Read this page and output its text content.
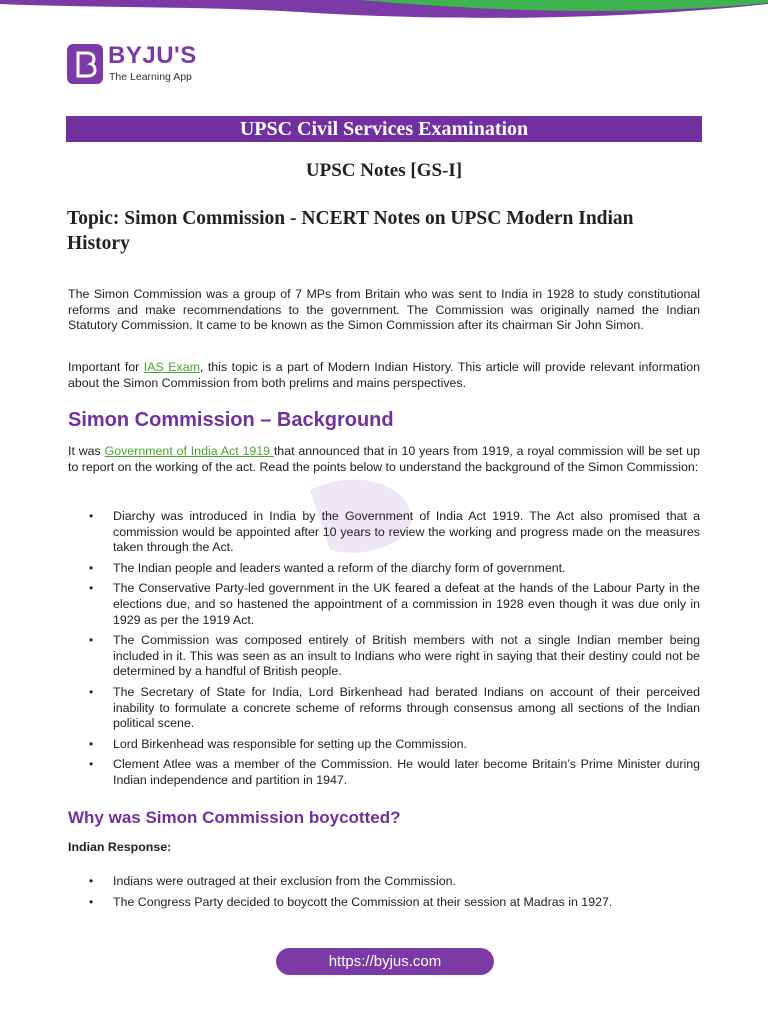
BYJU'S
The Learning App
UPSC Civil Services Examination
UPSC Notes [GS-I]
Topic: Simon Commission - NCERT Notes on UPSC Modern Indian History
The Simon Commission was a group of 7 MPs from Britain who was sent to India in 1928 to study constitutional reforms and make recommendations to the government. The Commission was originally named the Indian Statutory Commission. It came to be known as the Simon Commission after its chairman Sir John Simon.
Important for IAS Exam, this topic is a part of Modern Indian History. This article will provide relevant information about the Simon Commission from both prelims and mains perspectives.
Simon Commission – Background
It was Government of India Act 1919 that announced that in 10 years from 1919, a royal commission will be set up to report on the working of the act. Read the points below to understand the background of the Simon Commission:
• Diarchy was introduced in India by the Government of India Act 1919. The Act also promised that a commission would be appointed after 10 years to review the working and progress made on the measures taken through the Act.
• The Indian people and leaders wanted a reform of the diarchy form of government.
• The Conservative Party-led government in the UK feared a defeat at the hands of the Labour Party in the elections due, and so hastened the appointment of a commission in 1928 even though it was due only in 1929 as per the 1919 Act.
• The Commission was composed entirely of British members with not a single Indian member being included in it. This was seen as an insult to Indians who were right in saying that their destiny could not be determined by a handful of British people.
• The Secretary of State for India, Lord Birkenhead had berated Indians on account of their perceived inability to formulate a concrete scheme of reforms through consensus among all sections of the Indian political scene.
• Lord Birkenhead was responsible for setting up the Commission.
• Clement Atlee was a member of the Commission. He would later become Britain’s Prime Minister during Indian independence and partition in 1947.
Why was Simon Commission boycotted?
Indian Response:
• Indians were outraged at their exclusion from the Commission.
• The Congress Party decided to boycott the Commission at their session at Madras in 1927.
https://byjus.com
